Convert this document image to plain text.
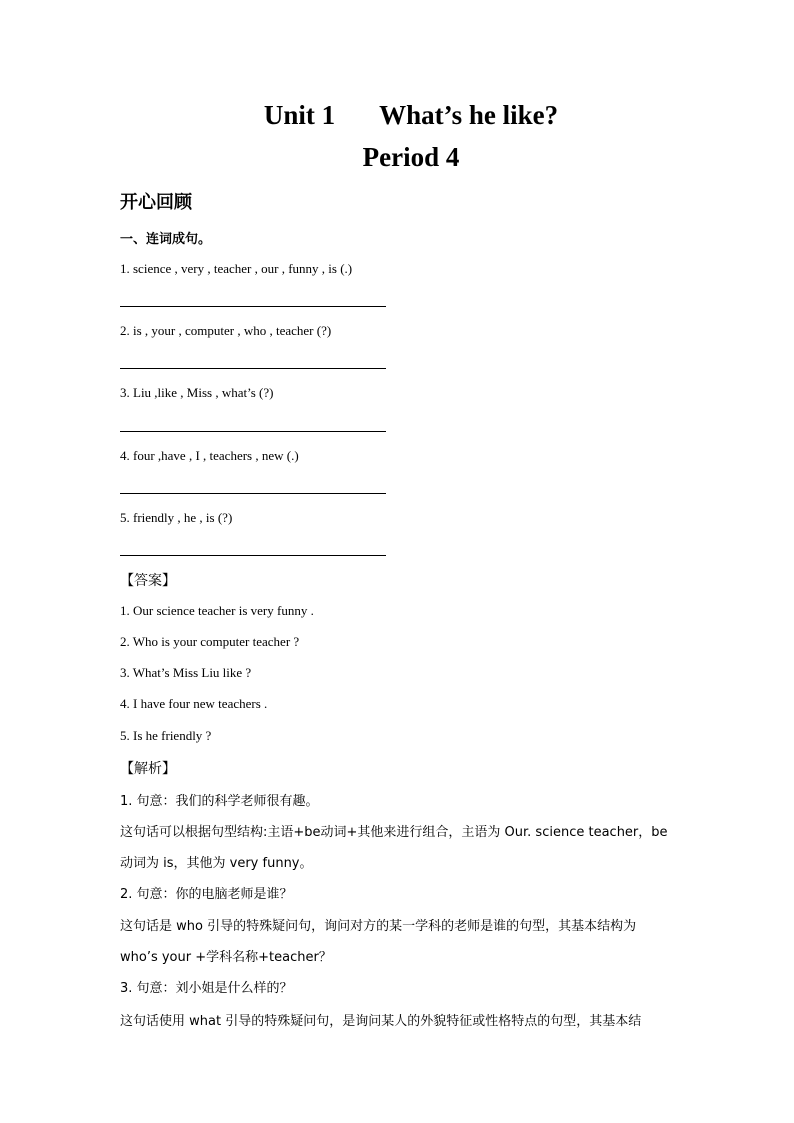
Unit 1 What’s he like?
Period 4
开心回顾
一、连词成句。
1. science , very , teacher , our , funny , is (.)
2. is , your , computer , who , teacher (?)
3. Liu ,like , Miss , what’s (?)
4. four ,have , I , teachers , new (.)
5. friendly , he , is (?)
【答案】
1. Our science teacher is very funny .
2. Who is your computer teacher ?
3. What’s Miss Liu like ?
4. I have four new teachers .
5. Is he friendly ?
【解析】
1. 句意：我们的科学老师很有趣。
这句话可以根据句型结构:主语+be动词+其他来进行组合，主语为 Our. science teacher，be
动词为 is，其他为 very funny。
2. 句意：你的电脑老师是谁？
这句话是 who 引导的特殊疑问句，询问对方的某一学科的老师是谁的句型，其基本结构为
who’s your +学科名称+teacher？
3. 句意：刘小姐是什么样的？
这句话使用 what 引导的特殊疑问句，是询问某人的外貌特征或性格特点的句型，其基本结
